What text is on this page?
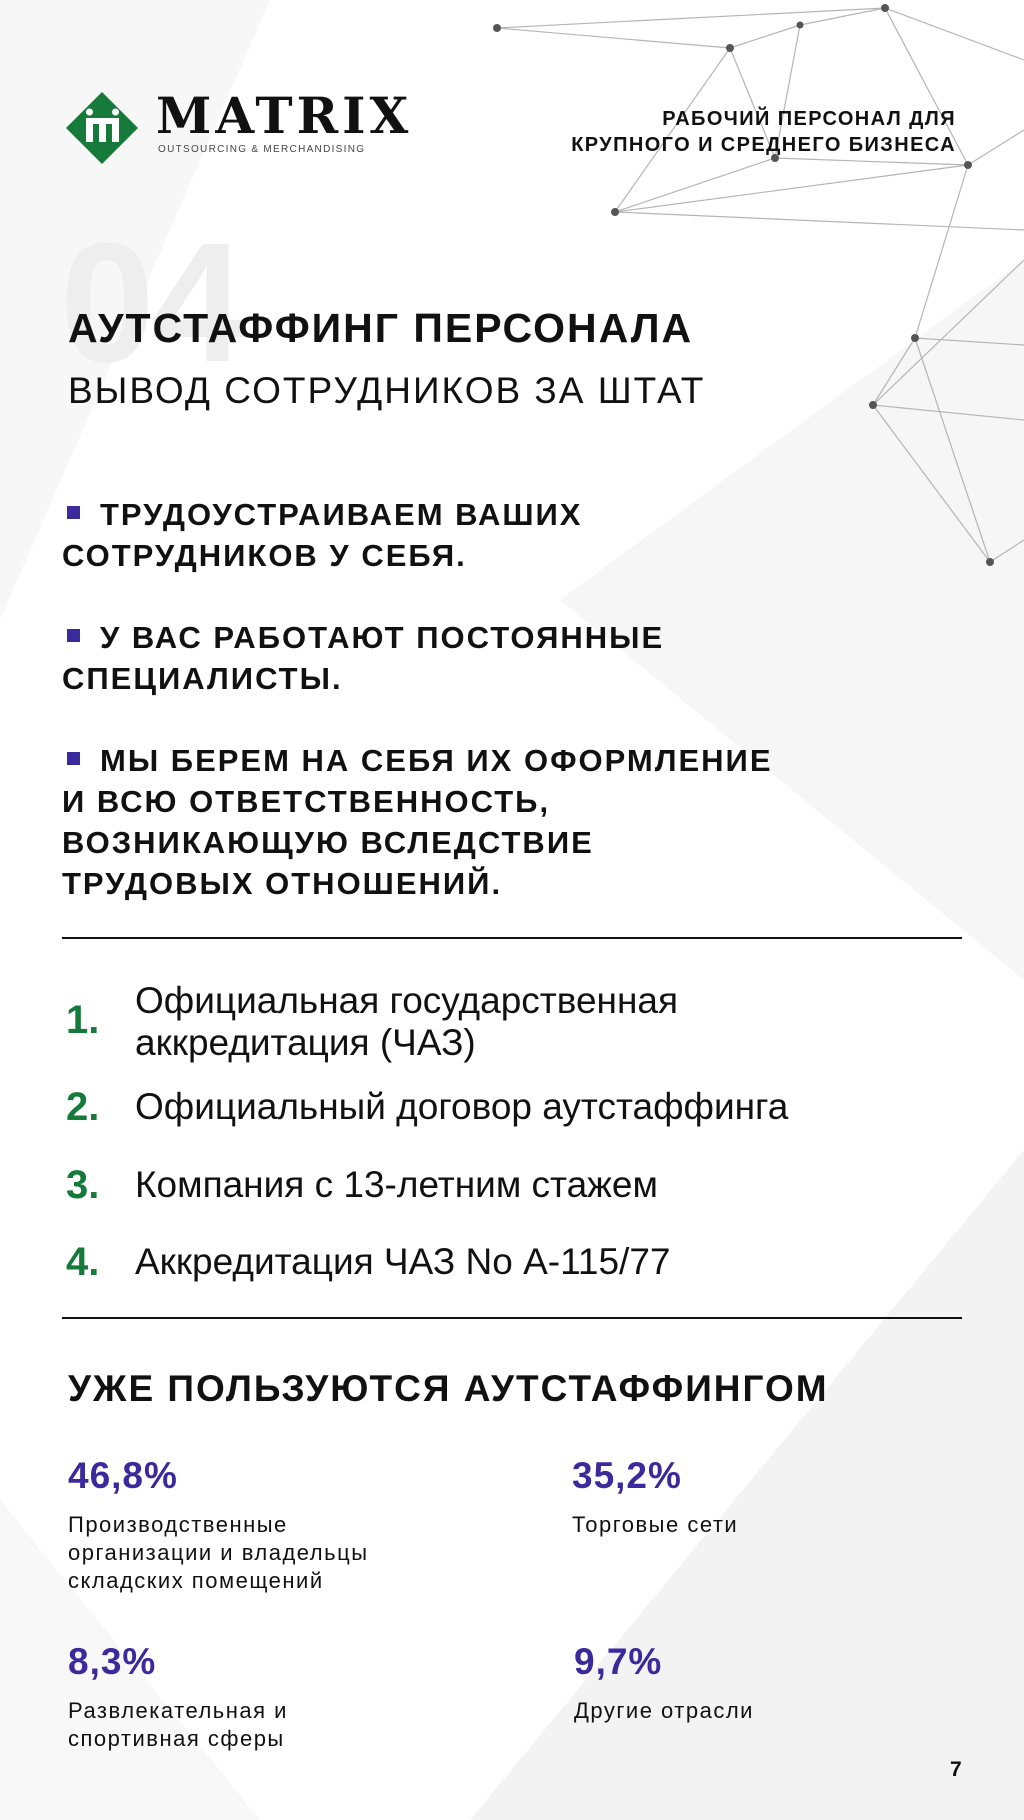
MATRIX
OUTSOURCING & MERCHANDISING
РАБОЧИЙ ПЕРСОНАЛ ДЛЯ
КРУПНОГО И СРЕДНЕГО БИЗНЕСА
04
АУТСТАФФИНГ ПЕРСОНАЛА
ВЫВОД СОТРУДНИКОВ ЗА ШТАТ
ТРУДОУСТРАИВАЕМ ВАШИХ
СОТРУДНИКОВ У СЕБЯ.
У ВАС РАБОТАЮТ ПОСТОЯННЫЕ
СПЕЦИАЛИСТЫ.
МЫ БЕРЕМ НА СЕБЯ ИХ ОФОРМЛЕНИЕ
И ВСЮ ОТВЕТСТВЕННОСТЬ,
ВОЗНИКАЮЩУЮ ВСЛЕДСТВИЕ
ТРУДОВЫХ ОТНОШЕНИЙ.
1. Официальная государственная
аккредитация (ЧАЗ)
2. Официальный договор аутстаффинга
3. Компания с 13-летним стажем
4. Аккредитация ЧАЗ No А-115/77
УЖЕ ПОЛЬЗУЮТСЯ АУТСТАФФИНГОМ
46,8%
Производственные
организации и владельцы
складских помещений
35,2%
Торговые сети
8,3%
Развлекательная и
спортивная сферы
9,7%
Другие отрасли
7
